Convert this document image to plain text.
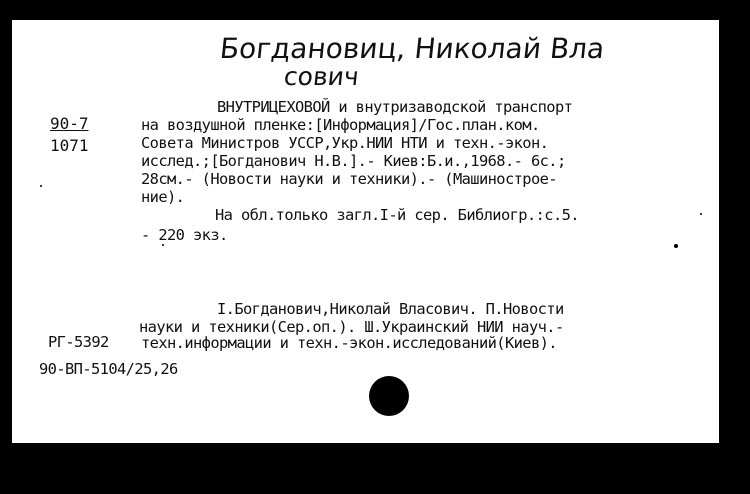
Богдановиц, Николай Вла
сович
90-7
1071
ВНУТРИЦЕХОВОЙ и внутризаводской транспорт
на воздушной пленке:[Информация]/Гос.план.ком.
Совета Министров УССР,Укр.НИИ НТИ и техн.-экон.
исслед.;[Богданович Н.В.].- Киев:Б.и.,1968.- 6с.;
28см.- (Новости науки и техники).- (Машинострое-
ние).
На обл.только загл.I-й сер. Библиогр.:с.5.
- 220 экз.
I.Богданович,Николай Власович. П.Новости
науки и техники(Сер.оп.). Ш.Украинский НИИ науч.-
техн.информации и техн.-экон.исследований(Киев).
РГ-5392
90-ВП-5104/25,26
